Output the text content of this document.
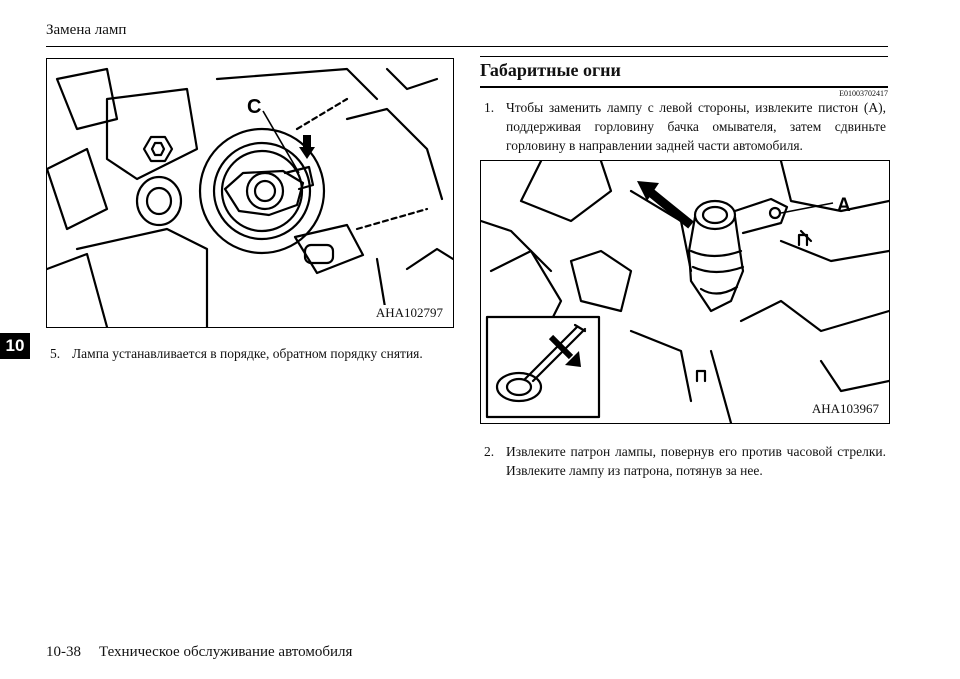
Замена ламп
10
C
AHA102797
5. Лампа устанавливается в порядке, обратном порядку снятия.
Габаритные огни
E01003702417
1. Чтобы заменить лампу с левой стороны, извлеките пистон (A), поддерживая горловину бачка омывателя, затем сдвиньте горловину в направлении задней части автомобиля.
A
AHA103967
2. Извлеките патрон лампы, повернув его против часовой стрелки. Извлеките лампу из патрона, потянув за нее.
10-38 Техническое обслуживание автомобиля
